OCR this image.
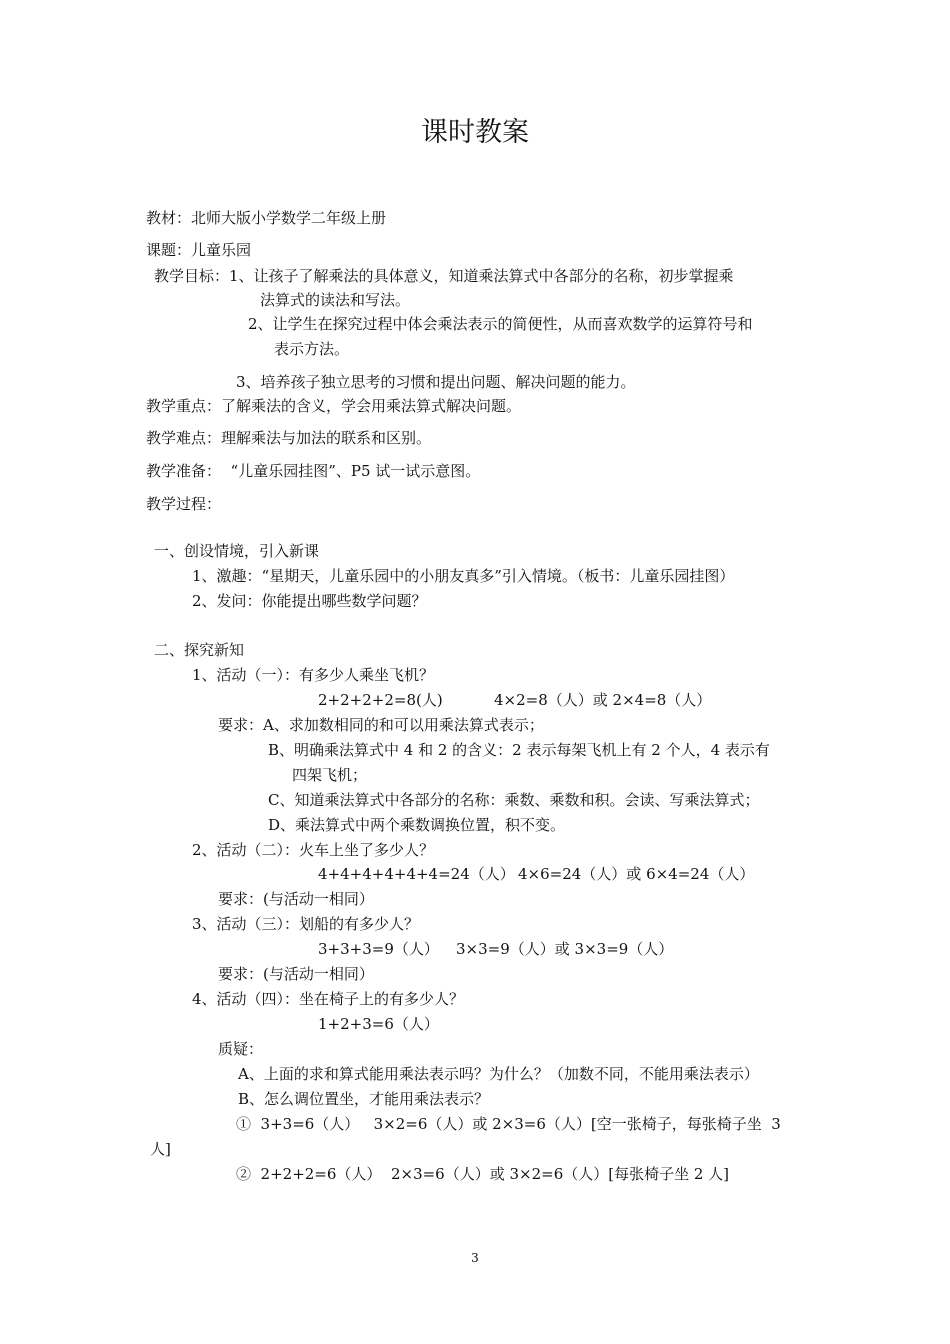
课时教案
教材：北师大版小学数学二年级上册
课题：儿童乐园
教学目标：1、让孩子了解乘法的具体意义，知道乘法算式中各部分的名称，初步掌握乘
法算式的读法和写法。
2、让学生在探究过程中体会乘法表示的简便性，从而喜欢数学的运算符号和
表示方法。
3、培养孩子独立思考的习惯和提出问题、解决问题的能力。
教学重点：了解乘法的含义，学会用乘法算式解决问题。
教学难点：理解乘法与加法的联系和区别。
教学准备：  “儿童乐园挂图”、P5 试一试示意图。
教学过程：
一、创设情境，引入新课
1、激趣：“星期天，儿童乐园中的小朋友真多”引入情境。（板书：儿童乐园挂图）
2、发问：你能提出哪些数学问题？
二、探究新知
1、活动（一）：有多少人乘坐飞机？
2+2+2+2=8(人)	4×2=8（人）或 2×4=8（人）
要求：A、求加数相同的和可以用乘法算式表示；
B、明确乘法算式中 4 和 2 的含义：2 表示每架飞机上有 2 个人，4 表示有
四架飞机；
C、知道乘法算式中各部分的名称：乘数、乘数和积。会读、写乘法算式；
D、乘法算式中两个乘数调换位置，积不变。
2、活动（二）：火车上坐了多少人？
4+4+4+4+4+4=24（人） 4×6=24（人）或 6×4=24（人）
要求：(与活动一相同）
3、活动（三）：划船的有多少人？
3+3+3=9（人） 3×3=9（人）或 3×3=9（人）
要求：(与活动一相同）
4、活动（四）：坐在椅子上的有多少人？
1+2+3=6（人）
质疑：
A、上面的求和算式能用乘法表示吗？为什么？（加数不同，不能用乘法表示）
B、怎么调位置坐，才能用乘法表示？
①  3+3=6（人）   3×2=6（人）或 2×3=6（人）[空一张椅子，每张椅子坐  3
人]
②  2+2+2=6（人）  2×3=6（人）或 3×2=6（人）[每张椅子坐 2 人]
3
